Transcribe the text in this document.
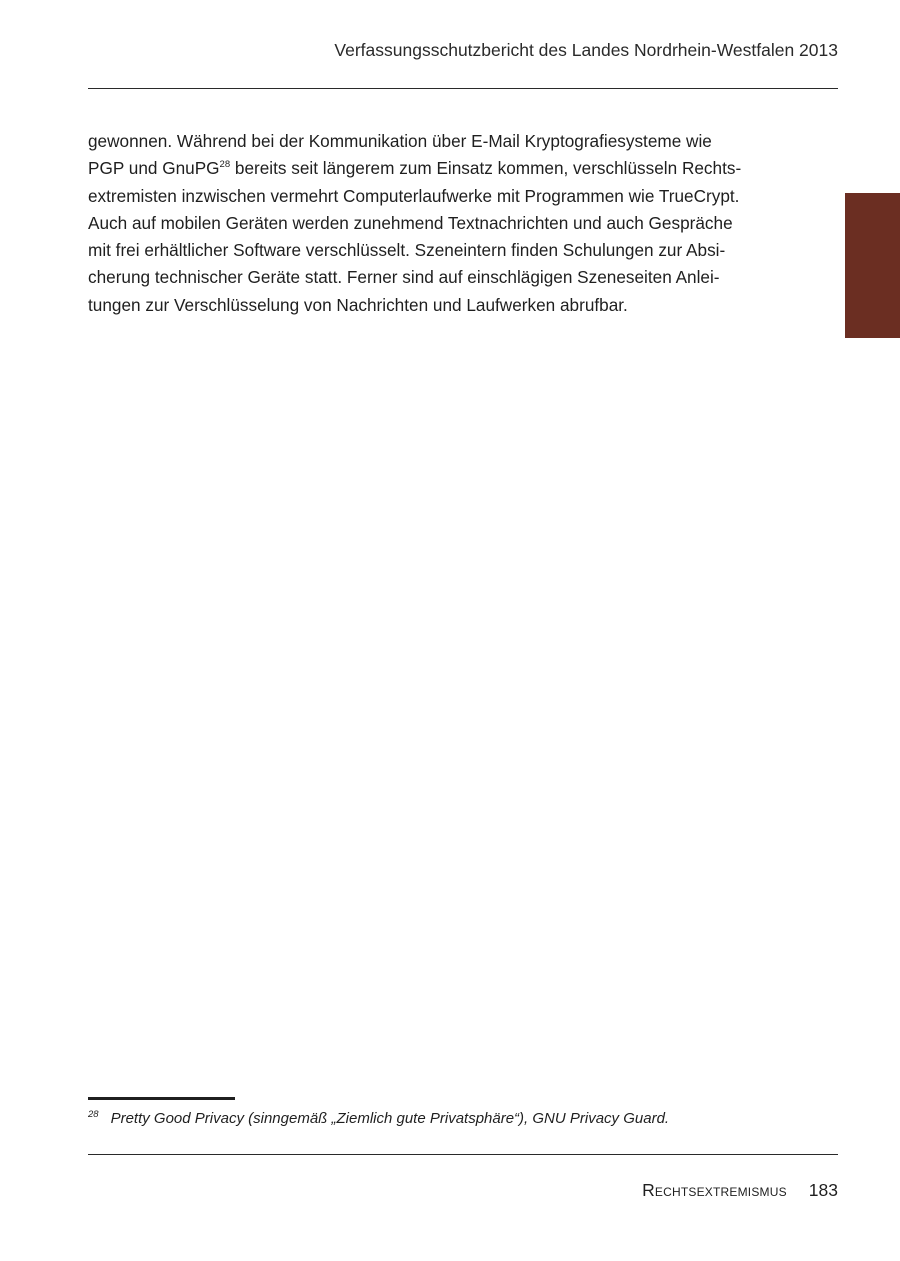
Verfassungsschutzbericht des Landes Nordrhein-Westfalen 2013

gewonnen. Während bei der Kommunikation über E-Mail Kryptografiesysteme wie
PGP und GnuPG$^{28}$ bereits seit längerem zum Einsatz kommen, verschlüsseln Rechts-
extremisten inzwischen vermehrt Computerlaufwerke mit Programmen wie TrueCrypt.
Auch auf mobilen Geräten werden zunehmend Textnachrichten und auch Gespräche
mit frei erhältlicher Software verschlüsselt. Szeneintern finden Schulungen zur Absi-
cherung technischer Geräte statt. Ferner sind auf einschlägigen Szeneseiten Anlei-
tungen zur Verschlüsselung von Nachrichten und Laufwerken abrufbar.

$^{28}$ Pretty Good Privacy (sinngemäß „Ziemlich gute Privatsphäre“), GNU Privacy Guard.
Rechtsextremismus 183
